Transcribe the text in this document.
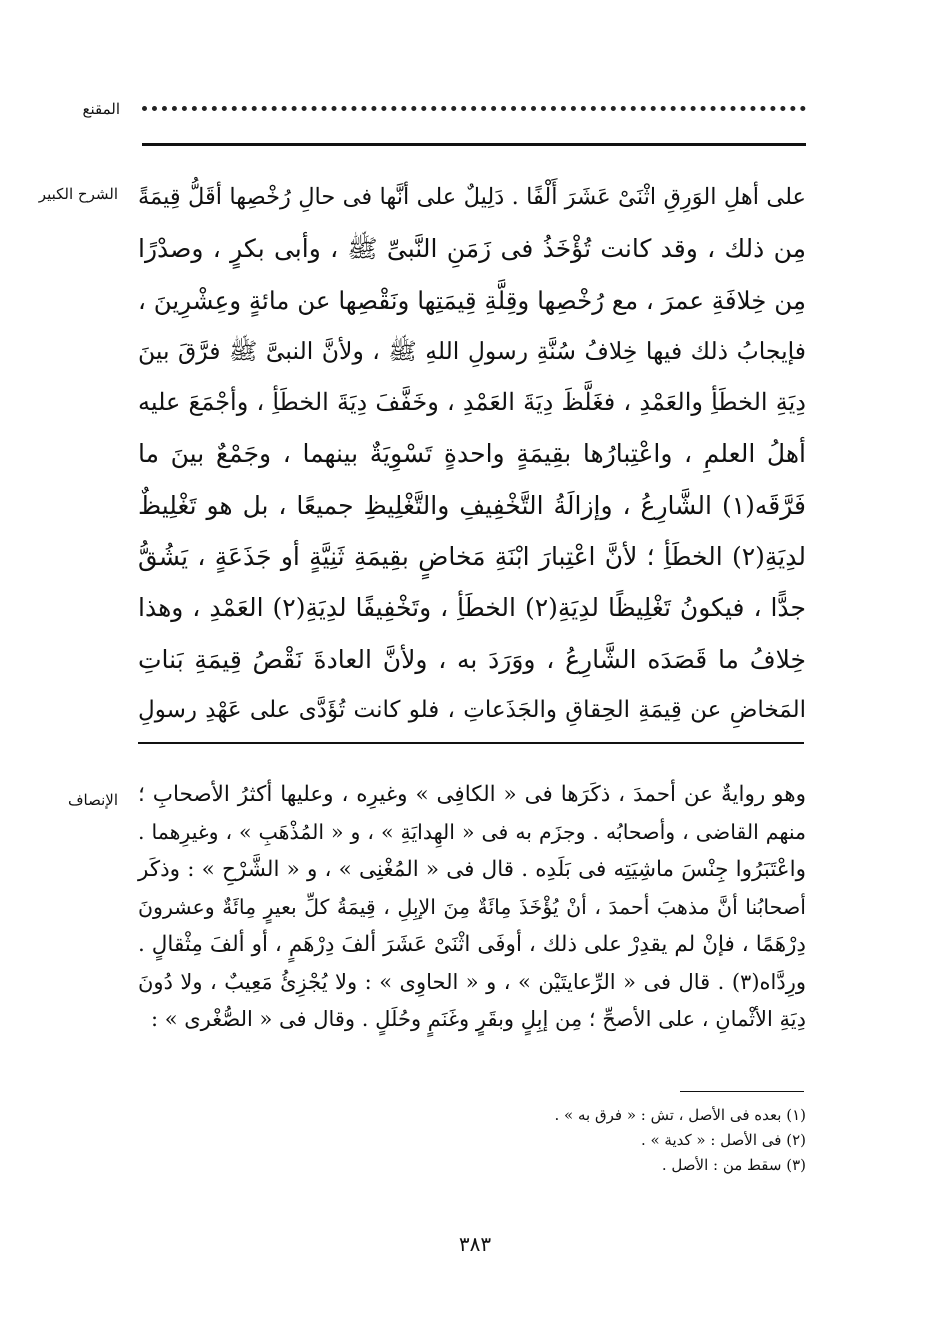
المقنع
الشرح الكبير على أهلِ الوَرِقِ اثْنَىْ عَشَرَ أَلْفًا . دَلِيلٌ على أنَّها فى حالِ رُخْصِها أقَلُّ قِيمَةً
مِن ذلك ، وقد كانت تُؤْخَذُ فى زَمَنِ النَّبىِّ ﷺ ، وأبى بكرٍ ، وصدْرًا
مِن خِلافَةِ عمرَ ، مع رُخْصِها وقِلَّةِ قِيمَتِها ونَقْصِها عن مائةٍ وعِشْرِينَ ،
فإيجابُ ذلك فيها خِلافُ سُنَّةِ رسولِ اللهِ ﷺ ، ولأنَّ النبىَّ ﷺ فرَّقَ بينَ
دِيَةِ الخطَأِ والعَمْدِ ، فغَلَّظَ دِيَةَ العَمْدِ ، وخَفَّفَ دِيَةَ الخطَأِ ، وأجْمَعَ عليه
أهلُ العلمِ ، واعْتِبارُها بقِيمَةٍ واحدةٍ تَسْوِيَةٌ بينهما ، وجَمْعٌ بينَ ما
فَرَّقَه(١) الشَّارِعُ ، وإزالَةُ التَّخْفِيفِ والتَّغْلِيظِ جميعًا ، بل هو تَغْلِيظٌ
لدِيَةِ(٢) الخطَأِ ؛ لأنَّ اعْتِبارَ ابْنَةِ مَخاضٍ بقِيمَةِ ثَنِيَّةٍ أو جَذَعَةٍ ، يَشُقُّ
جدًّا ، فيكونُ تَغْلِيظًا لدِيَةِ(٢) الخطَأِ ، وتَخْفِيفًا لدِيَةِ(٢) العَمْدِ ، وهذا
خِلافُ ما قَصَدَه الشَّارِعُ ، ووَرَدَ به ، ولأنَّ العادةَ نَقْصُ قِيمَةِ بَناتِ
المَخاضِ عن قِيمَةِ الحِقاقِ والجَذَعاتِ ، فلو كانت تُؤَدَّى على عَهْدِ رسولِ
الإنصاف وهو روايةٌ عن أحمدَ ، ذكَرَها فى « الكافِى » وغيرِه ، وعليها أكثرُ الأصحابِ ؛
منهم القاضى ، وأصحابُه . وجزَم به فى « الهِدايَةِ » ، و « المُذْهَبِ » ، وغيرِهما .
واعْتَبَرُوا جِنْسَ ماشِيَتِه فى بَلَدِه . قال فى « المُغْنِى » ، و « الشَّرْحِ » : وذكَر
أصحابُنا أنَّ مذهبَ أحمدَ ، أنْ يُؤْخَذَ مِائَةٌ مِنَ الإبِلِ ، قِيمَةُ كلِّ بعيرٍ مِائَةٌ وعشرونَ
دِرْهَمًا ، فإنْ لم يقدِرْ على ذلك ، أوفَى اثْنَىْ عَشَرَ ألفَ دِرْهَمٍ ، أو ألفَ مِثْقالٍ .
ورِدَّاه(٣) . قال فى « الرِّعايتَيْن » ، و « الحاوِى » : ولا يُجْزِئُ مَعِيبٌ ، ولا دُونَ
دِيَةِ الأثْمانِ ، على الأصحِّ ؛ مِن إبِلٍ وبقَرٍ وغَنَمٍ وحُلَلٍ . وقال فى « الصُّغْرى » :
(١) بعده فى الأصل ، تش : « فرق به » .
(٢) فى الأصل : « كدية » .
(٣) سقط من : الأصل .
٣٨٣
